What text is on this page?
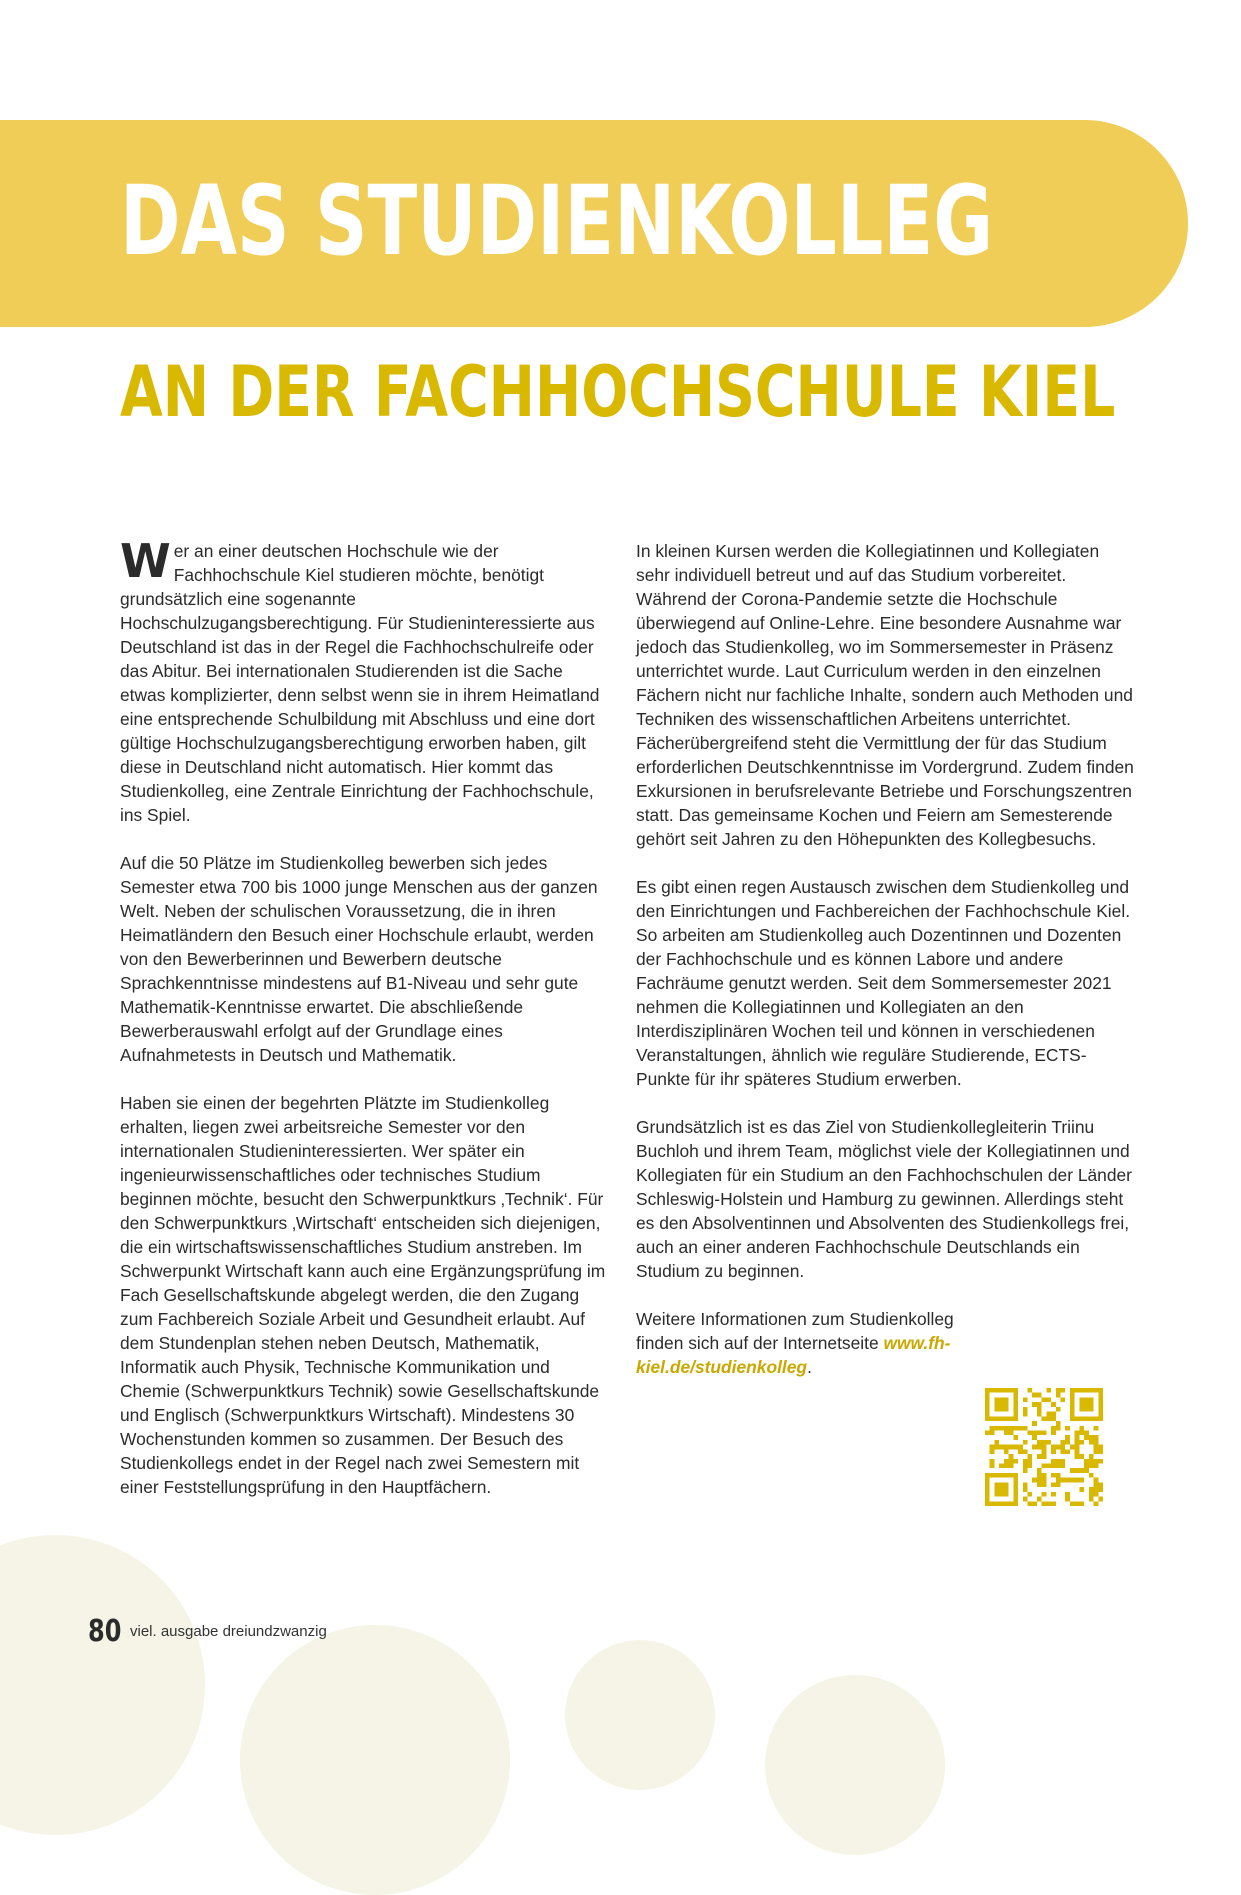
DAS STUDIENKOLLEG
AN DER FACHHOCHSCHULE KIEL

Wer an einer deutschen Hochschule wie der Fachhochschule Kiel studieren möchte, benötigt grundsätzlich eine sogenannte Hochschulzugangsberechtigung. Für Studieninteressierte aus Deutschland ist das in der Regel die Fachhochschulreife oder das Abitur. Bei internationalen Studierenden ist die Sache etwas komplizierter, denn selbst wenn sie in ihrem Heimatland eine entsprechende Schulbildung mit Abschluss und eine dort gültige Hochschulzugangsberechtigung erworben haben, gilt diese in Deutschland nicht automatisch. Hier kommt das Studienkolleg, eine Zentrale Einrichtung der Fachhochschule, ins Spiel.

Auf die 50 Plätze im Studienkolleg bewerben sich jedes Semester etwa 700 bis 1000 junge Menschen aus der ganzen Welt. Neben der schulischen Voraussetzung, die in ihren Heimatländern den Besuch einer Hochschule erlaubt, werden von den Bewerberinnen und Bewerbern deutsche Sprachkenntnisse mindestens auf B1-Niveau und sehr gute Mathematik-Kenntnisse erwartet. Die abschließende Bewerberauswahl erfolgt auf der Grundlage eines Aufnahmetests in Deutsch und Mathematik.

Haben sie einen der begehrten Plätzte im Studienkolleg erhalten, liegen zwei arbeitsreiche Semester vor den internationalen Studieninteressierten. Wer später ein ingenieurwissenschaftliches oder technisches Studium beginnen möchte, besucht den Schwerpunktkurs ‚Technik‘. Für den Schwerpunktkurs ‚Wirtschaft‘ entscheiden sich diejenigen, die ein wirtschaftswissenschaftliches Studium anstreben. Im Schwerpunkt Wirtschaft kann auch eine Ergänzungsprüfung im Fach Gesellschaftskunde abgelegt werden, die den Zugang zum Fachbereich Soziale Arbeit und Gesundheit erlaubt. Auf dem Stundenplan stehen neben Deutsch, Mathematik, Informatik auch Physik, Technische Kommunikation und Chemie (Schwerpunktkurs Technik) sowie Gesellschaftskunde und Englisch (Schwerpunktkurs Wirtschaft). Mindestens 30 Wochenstunden kommen so zusammen. Der Besuch des Studienkollegs endet in der Regel nach zwei Semestern mit einer Feststellungsprüfung in den Hauptfächern.

In kleinen Kursen werden die Kollegiatinnen und Kollegiaten sehr individuell betreut und auf das Studium vorbereitet. Während der Corona-Pandemie setzte die Hochschule überwiegend auf Online-Lehre. Eine besondere Ausnahme war jedoch das Studienkolleg, wo im Sommersemester in Präsenz unterrichtet wurde. Laut Curriculum werden in den einzelnen Fächern nicht nur fachliche Inhalte, sondern auch Methoden und Techniken des wissenschaftlichen Arbeitens unterrichtet. Fächerübergreifend steht die Vermittlung der für das Studium erforderlichen Deutschkenntnisse im Vordergrund. Zudem finden Exkursionen in berufsrelevante Betriebe und Forschungszentren statt. Das gemeinsame Kochen und Feiern am Semesterende gehört seit Jahren zu den Höhepunkten des Kollegbesuchs.

Es gibt einen regen Austausch zwischen dem Studienkolleg und den Einrichtungen und Fachbereichen der Fachhochschule Kiel. So arbeiten am Studienkolleg auch Dozentinnen und Dozenten der Fachhochschule und es können Labore und andere Fachräume genutzt werden. Seit dem Sommersemester 2021 nehmen die Kollegiatinnen und Kollegiaten an den Interdisziplinären Wochen teil und können in verschiedenen Veranstaltungen, ähnlich wie reguläre Studierende, ECTS-Punkte für ihr späteres Studium erwerben.

Grundsätzlich ist es das Ziel von Studienkollegleiterin Triinu Buchloh und ihrem Team, möglichst viele der Kollegiatinnen und Kollegiaten für ein Studium an den Fachhochschulen der Länder Schleswig-Holstein und Hamburg zu gewinnen. Allerdings steht es den Absolventinnen und Absolventen des Studienkollegs frei, auch an einer anderen Fachhochschule Deutschlands ein Studium zu beginnen.

Weitere Informationen zum Studienkolleg finden sich auf der Internetseite www.fh-kiel.de/studienkolleg.

80 viel. ausgabe dreiundzwanzig
